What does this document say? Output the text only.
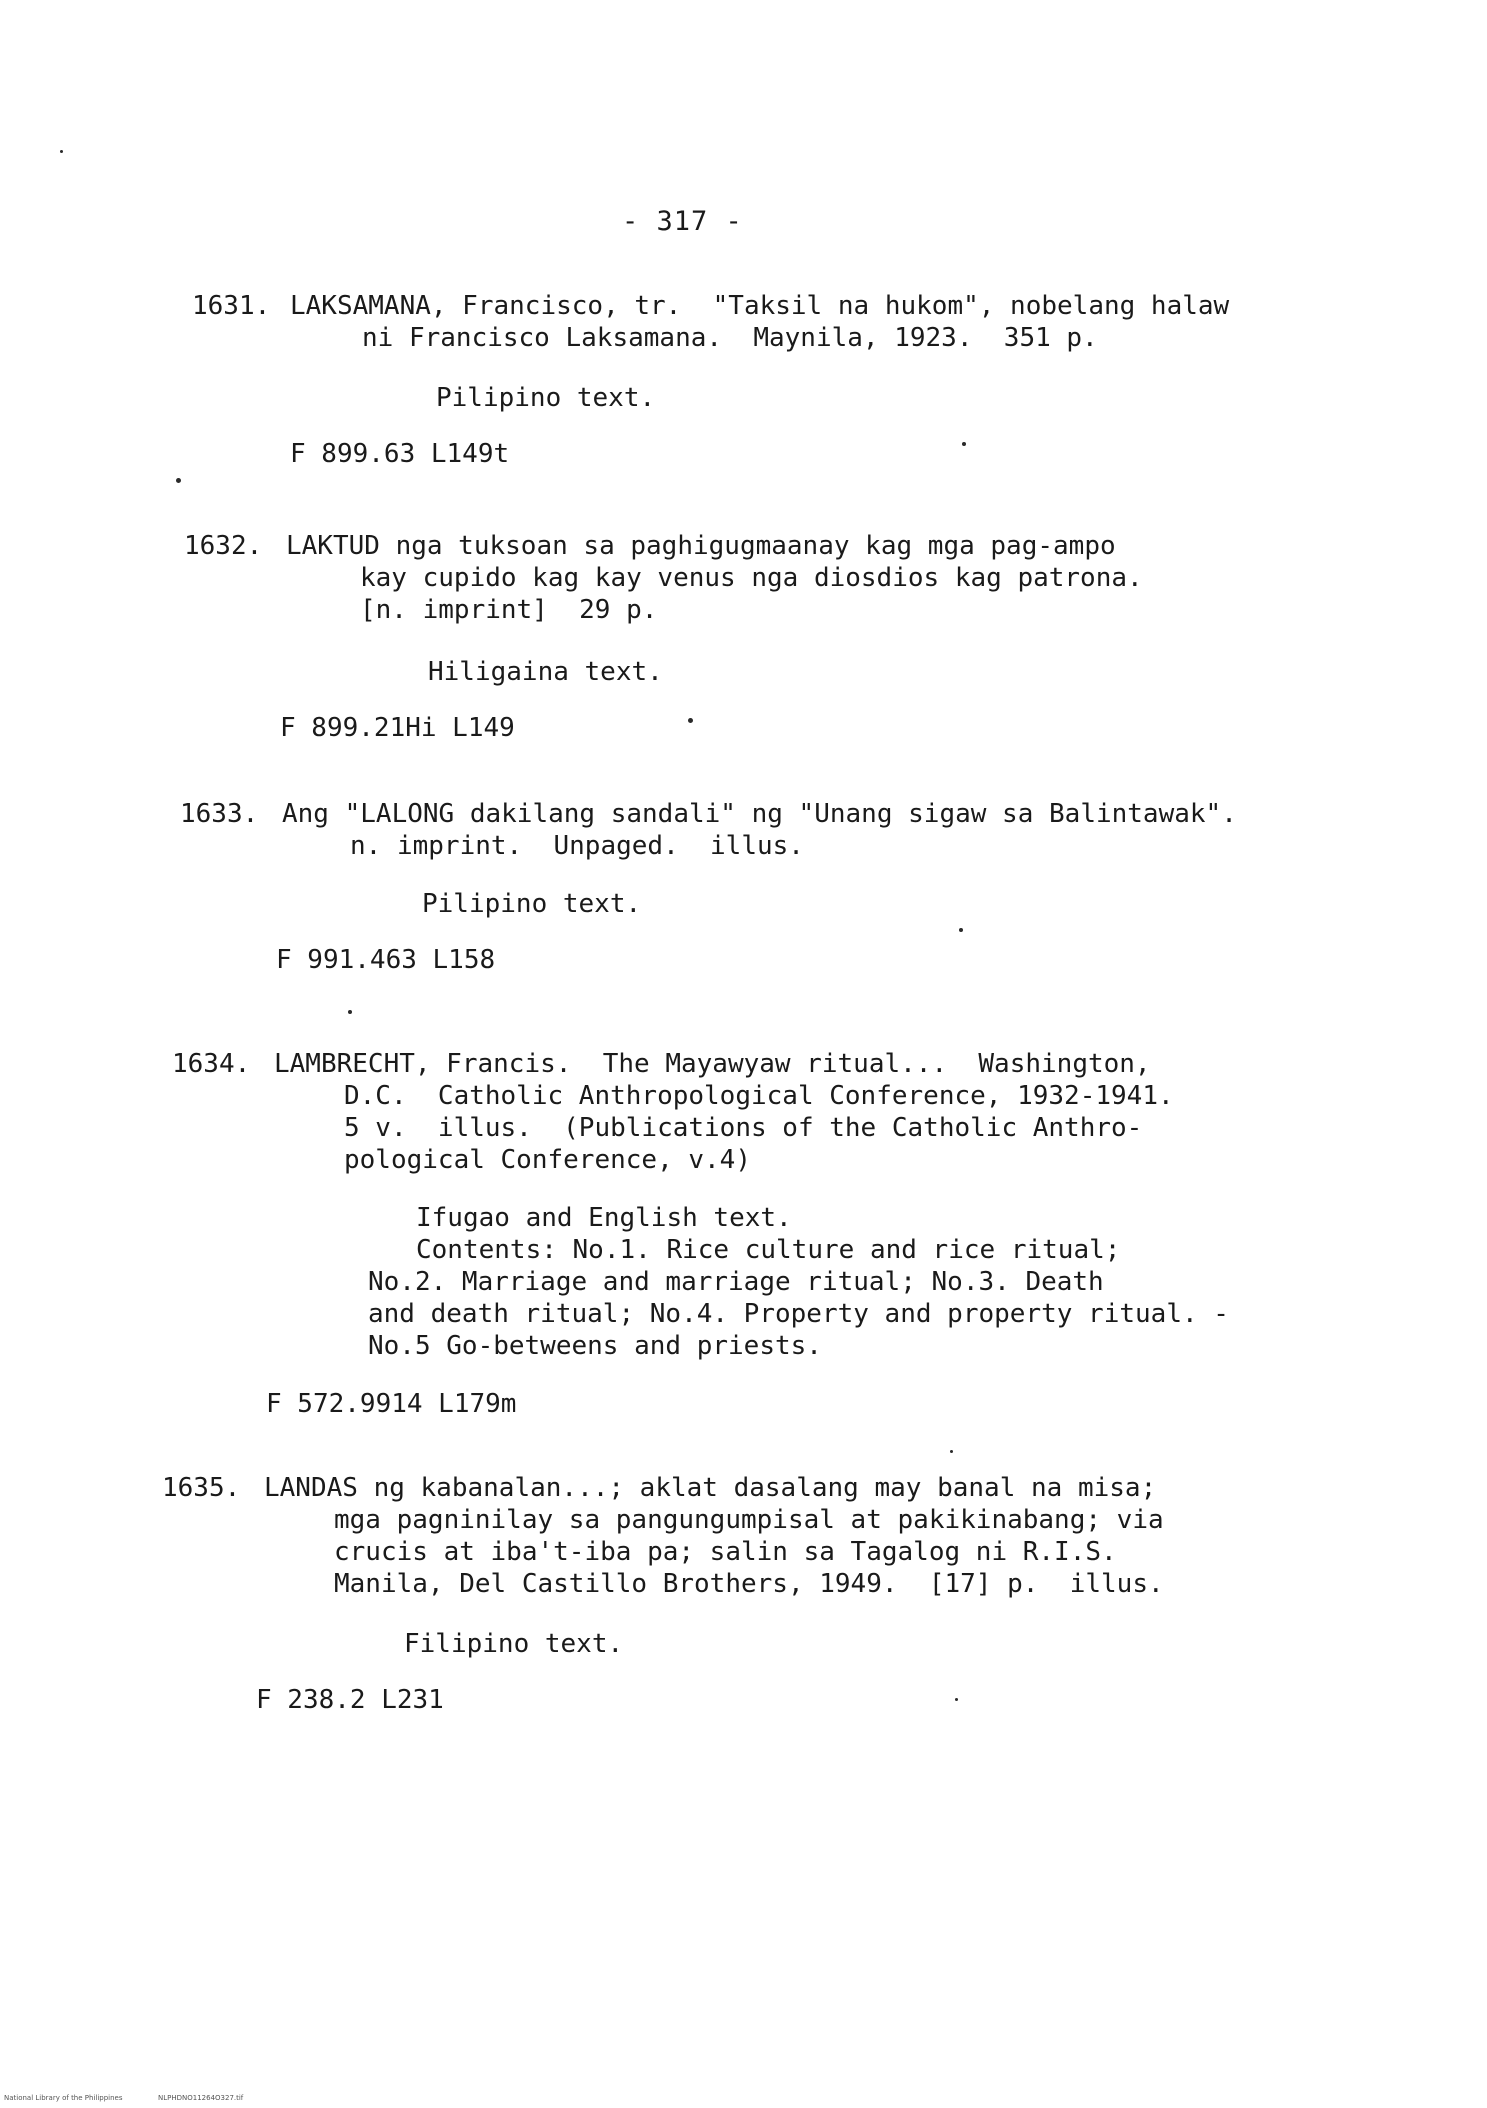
- 317 -
1631. LAKSAMANA, Francisco, tr.  "Taksil na hukom", nobelang halaw
ni Francisco Laksamana.  Maynila, 1923.  351 p.
Pilipino text.
F 899.63 L149t
1632. LAKTUD nga tuksoan sa paghigugmaanay kag mga pag-ampo
kay cupido kag kay venus nga diosdios kag patrona.
[n. imprint]  29 p.
Hiligaina text.
F 899.21Hi L149
1633. Ang "LALONG dakilang sandali" ng "Unang sigaw sa Balintawak".
n. imprint.  Unpaged.  illus.
Pilipino text.
F 991.463 L158
1634. LAMBRECHT, Francis.  The Mayawyaw ritual...  Washington,
D.C.  Catholic Anthropological Conference, 1932-1941.
5 v.  illus.  (Publications of the Catholic Anthro-
pological Conference, v.4)
Ifugao and English text.
Contents: No.1. Rice culture and rice ritual;
No.2. Marriage and marriage ritual; No.3. Death
and death ritual; No.4. Property and property ritual. -
No.5 Go-betweens and priests.
F 572.9914 L179m
1635. LANDAS ng kabanalan...; aklat dasalang may banal na misa;
mga pagninilay sa pangungumpisal at pakikinabang; via
crucis at iba't-iba pa; salin sa Tagalog ni R.I.S.
Manila, Del Castillo Brothers, 1949.  [17] p.  illus.
Filipino text.
F 238.2 L231
National Library of the Philippines	NLPHDNO11264O327.tif
